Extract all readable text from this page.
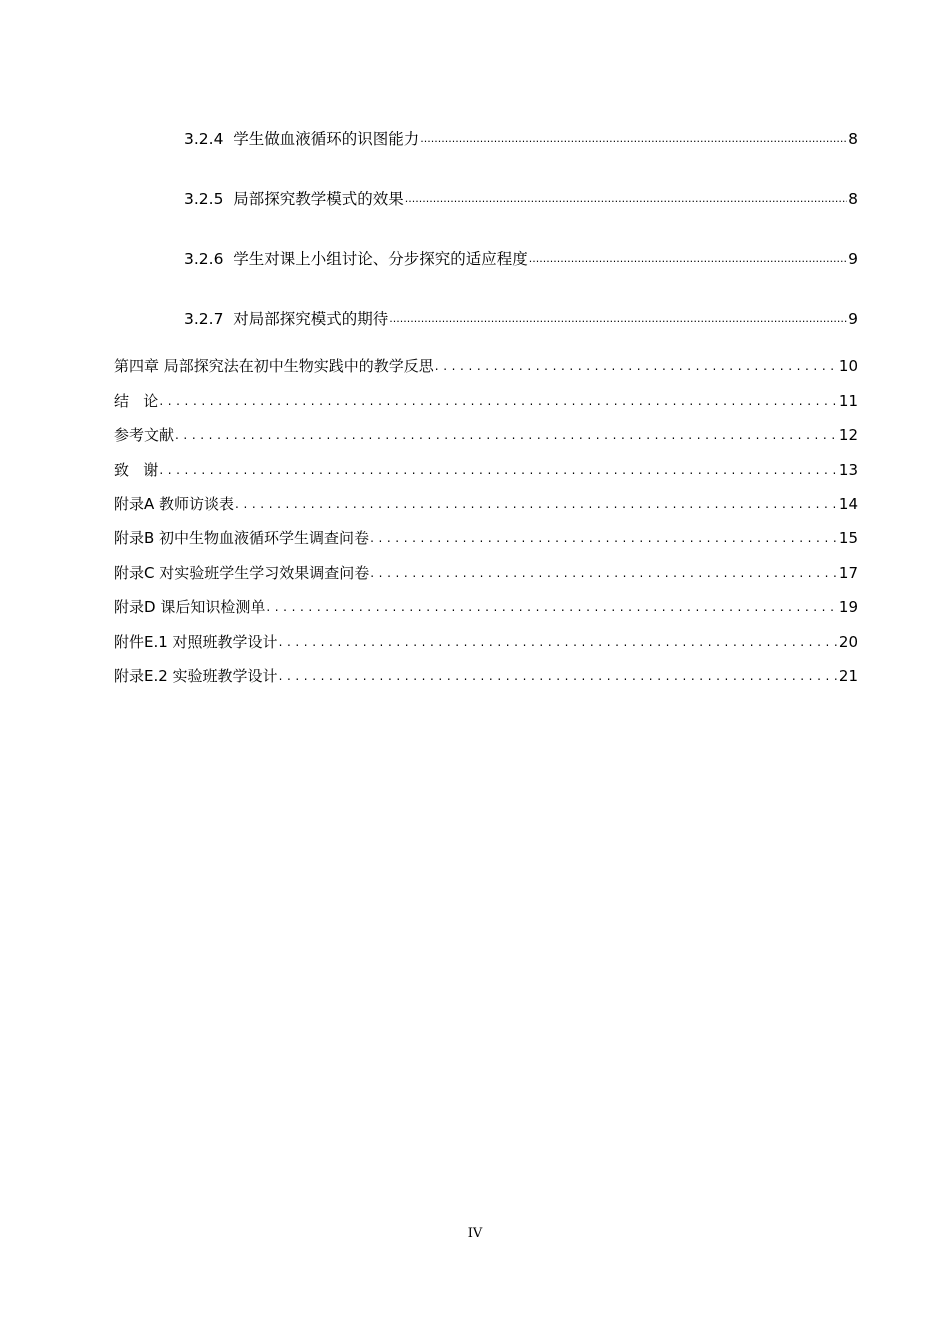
3.2.4  学生做血液循环的识图能力 .....	8
3.2.5  局部探究教学模式的效果 .....	8
3.2.6  学生对课上小组讨论、分步探究的适应程度 .....	9
3.2.7  对局部探究模式的期待 .....	9
第四章 局部探究法在初中生物实践中的教学反思 .....	10
结   论 .....	11
参考文献 .....	12
致   谢 .....	13
附录A 教师访谈表 .....	14
附录B 初中生物血液循环学生调查问卷 .....	15
附录C 对实验班学生学习效果调查问卷 .....	17
附录D 课后知识检测单 .....	19
附件E.1 对照班教学设计 .....	20
附录E.2 实验班教学设计 .....	21
IV
